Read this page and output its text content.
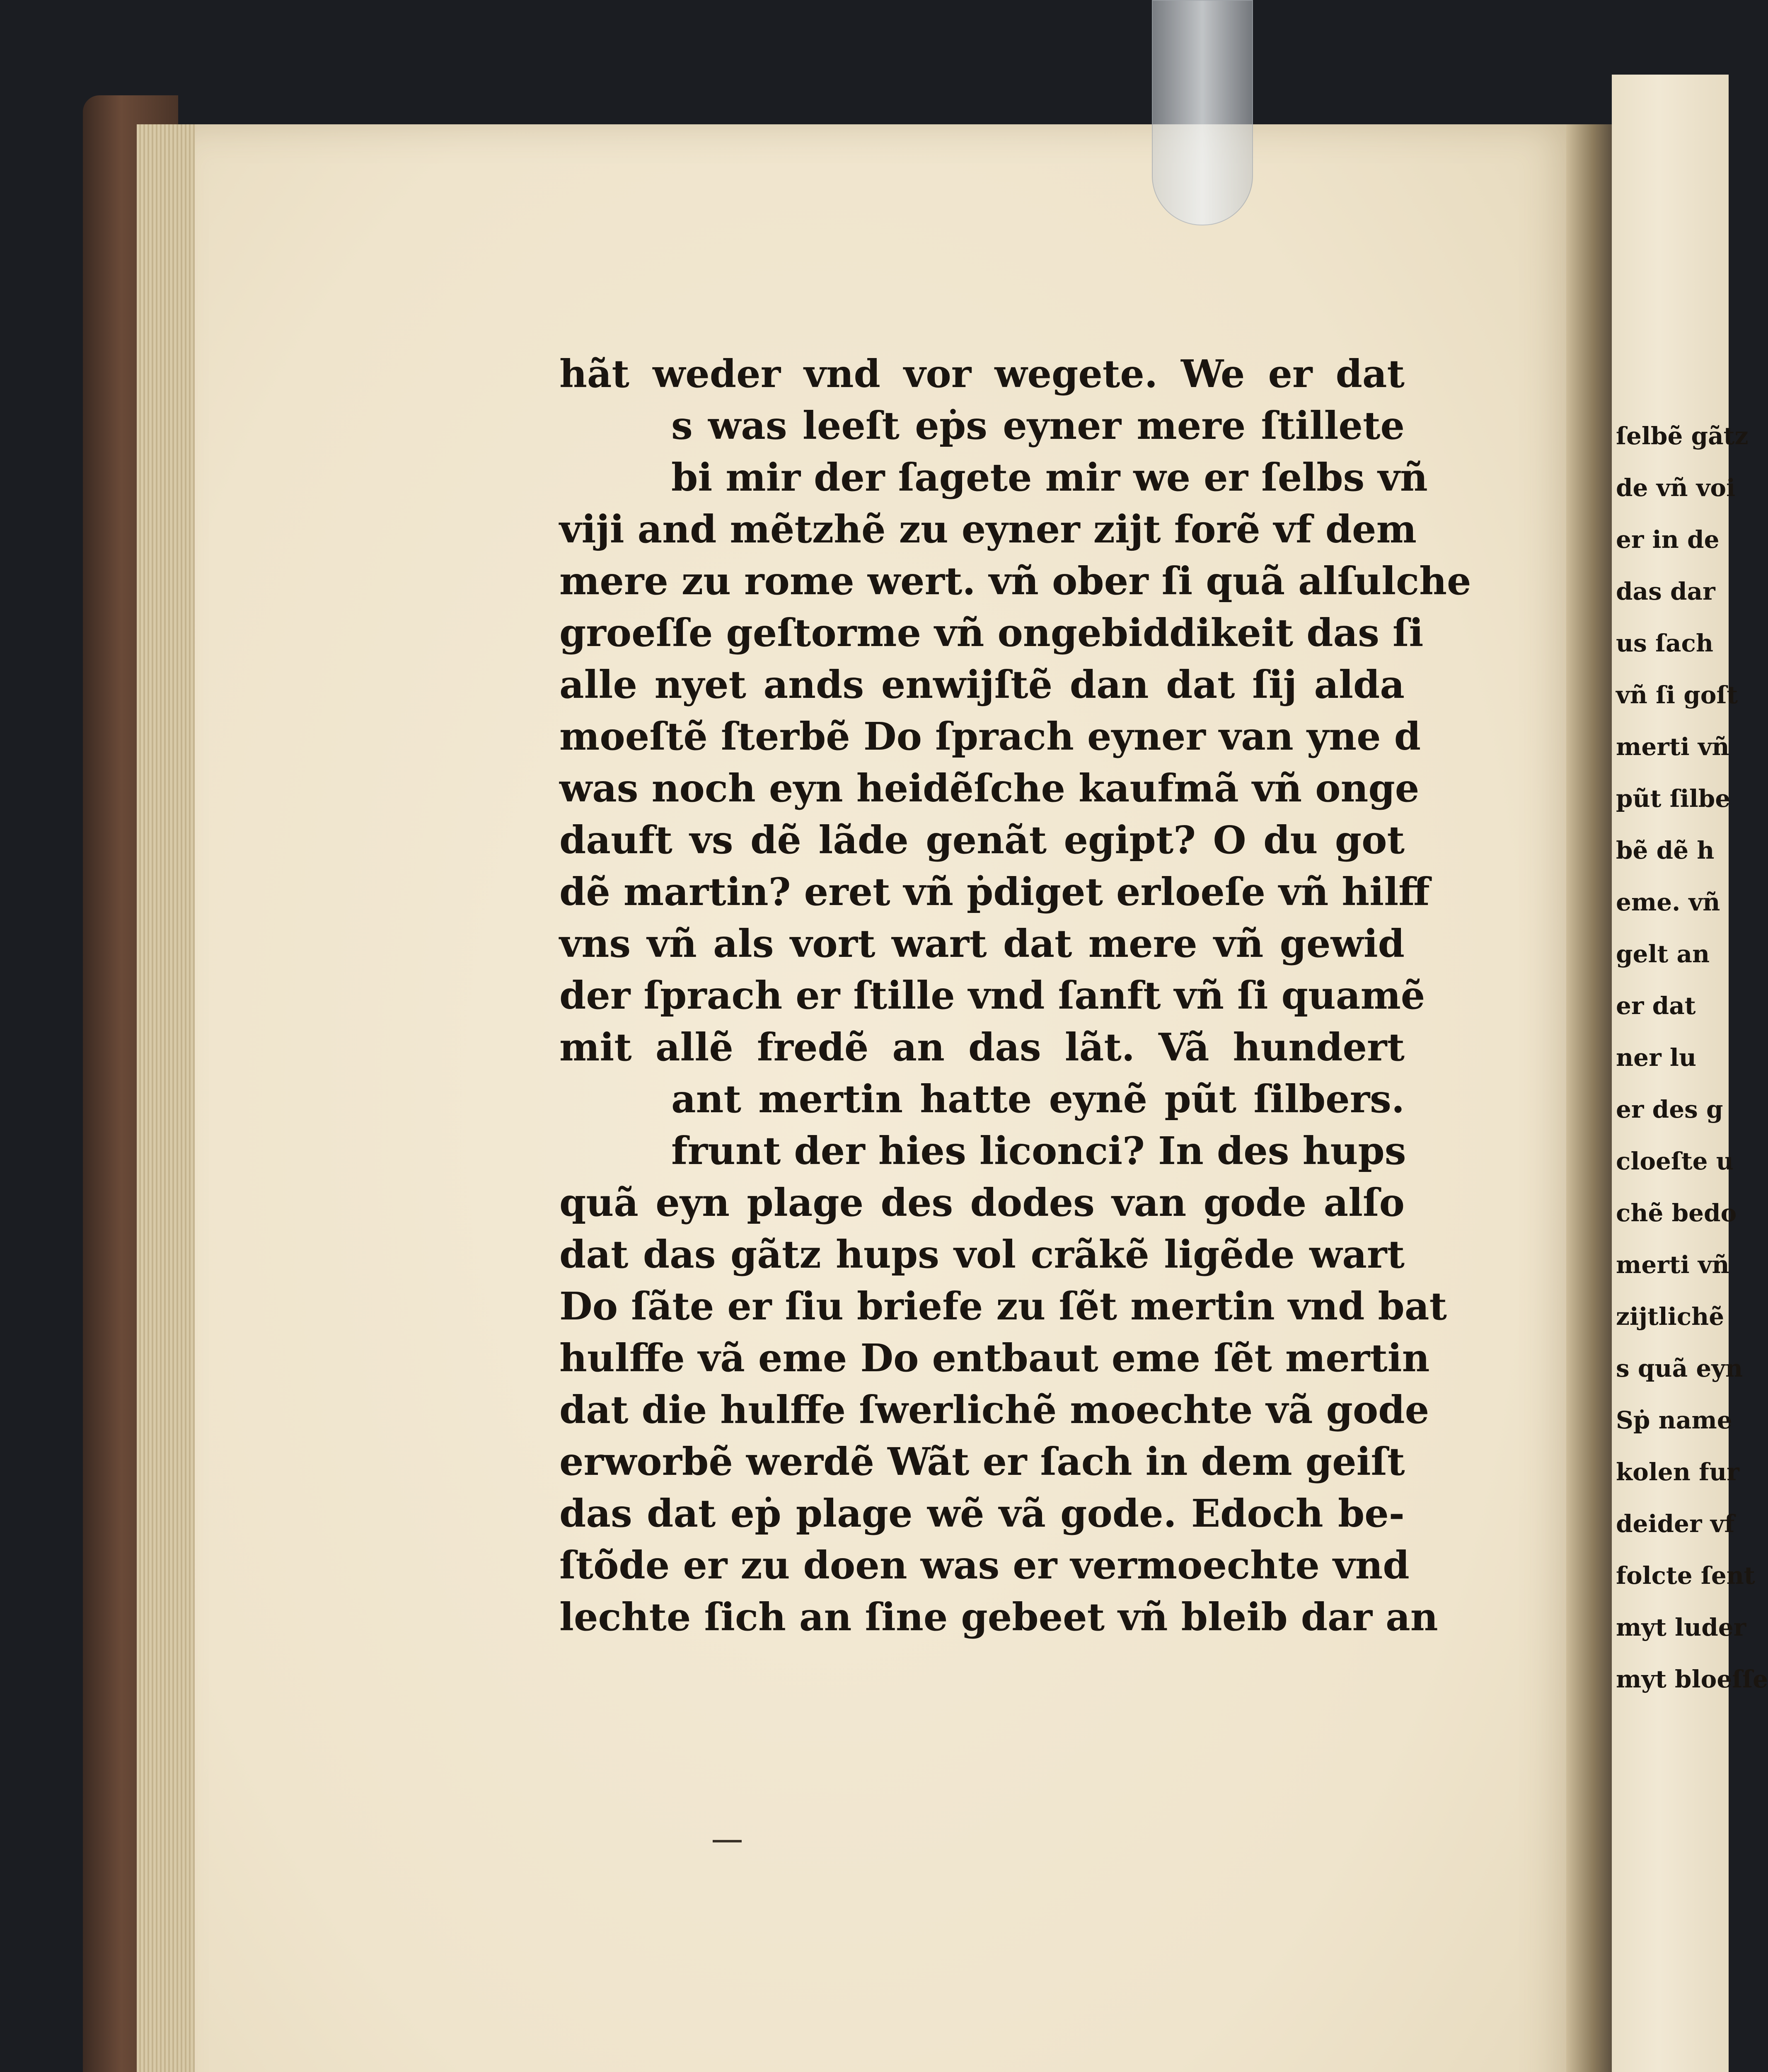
ſelbẽ gãtz
de vñ voi
er in de
das dar
us ſach
vñ ſi goſt
merti vñ
pũt ſilbe
bẽ dẽ h
eme. vñ
gelt an
er dat
ner lu
er des g
cloeſte u
chẽ bedo
merti vñ
zijtlichẽ
s quã eyn
Sṗ name
kolen fur
deider vf
folcte ſent
myt luder
myt bloeſſe
hãt weder vnd vor wegete. We er dat
s was leeſt eṗs eyner mere ſtillete
bi mir der ſagete mir we er ſelbs vñ
viji and mẽtzhẽ zu eyner zijt forẽ vf dem
mere zu rome wert. vñ ober ſi quã alſulche
groeſſe geſtorme vñ ongebiddikeit das ſi
alle nyet ands enwijſtẽ dan dat ſij alda
moeſtẽ ſterbẽ Do ſprach eyner van yne d
was noch eyn heidẽſche kaufmã vñ onge
dauft vs dẽ lãde genãt egipt? O du got
dẽ martin? eret vñ ṗdiget erloeſe vñ hilff
vns vñ als vort wart dat mere vñ gewid
der ſprach er ſtille vnd ſanft vñ ſi quamẽ
mit allẽ fredẽ an das lãt. Vã hundert
ant mertin hatte eynẽ pũt ſilbers.
frunt der hies liconci? In des hups
quã eyn plage des dodes van gode alſo
dat das gãtz hups vol crãkẽ ligẽde wart
Do ſãte er ſiu briefe zu ſẽt mertin vnd bat
hulffe vã eme Do entbaut eme ſẽt mertin
dat die hulffe ſwerlichẽ moechte vã gode
erworbẽ werdẽ Wãt er ſach in dem geiſt
das dat eṗ plage wẽ vã gode. Edoch be-
ſtõde er zu doen was er vermoechte vnd
lechte ſich an ſine gebeet vñ bleib dar an
